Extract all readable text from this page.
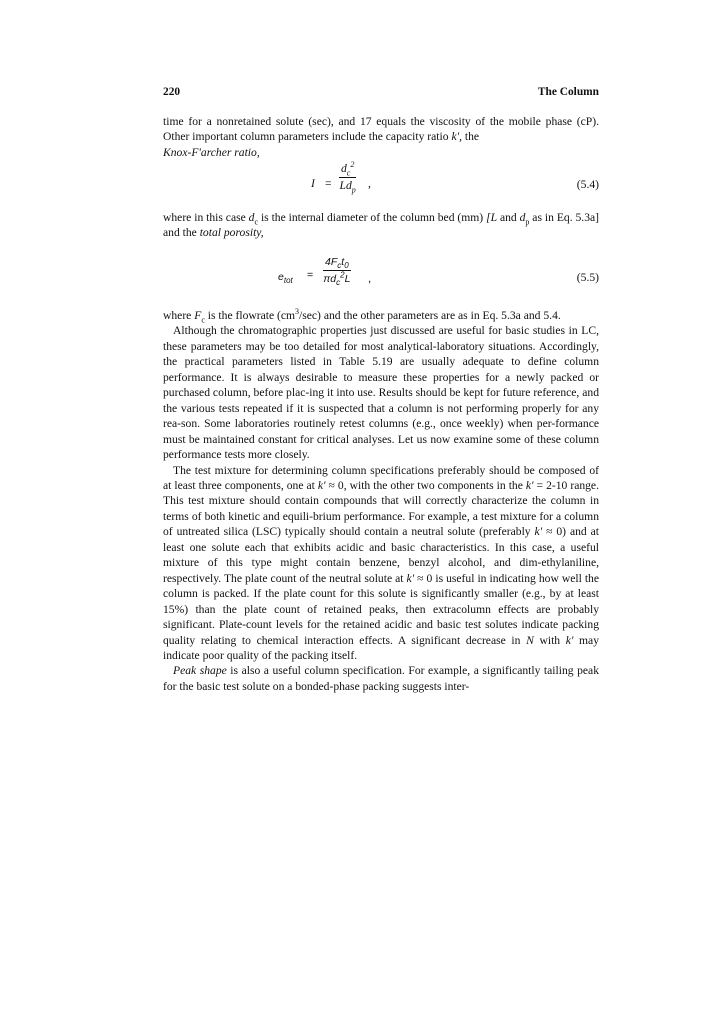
220	The Column

time for a nonretained solute (sec), and 17 equals the viscosity of the mobile phase (cP). Other important column parameters include the capacity ratio k', the

Knox-F'archer ratio,

I =
$d_c^2$
$Ld_p$ ,	(5.4)

where in this case $d_c$ is the internal diameter of the column bed (mm) [L and $d_p$ as in Eq. 5.3a] and the total porosity,

$e_{tot}$ =
$4F_ct_0$
$\pi d_c^2L$ ,	(5.5)

where $F_c$ is the flowrate $(cm^3/\sec)$ and the other parameters are as in Eq. 5.3a and 5.4.

Although the chromatographic properties just discussed are useful for basic studies in LC, these parameters may be too detailed for most analytical-laboratory situations. Accordingly, the practical parameters listed in Table 5.19 are usually adequate to define column performance. It is always desirable to measure these properties for a newly packed or purchased column, before plac-ing it into use. Results should be kept for future reference, and the various tests repeated if it is suspected that a column is not performing properly for any rea-son. Some laboratories routinely retest columns (e.g., once weekly) when per-formance must be maintained constant for critical analyses. Let us now examine some of these column performance tests more closely.

The test mixture for determining column specifications preferably should be composed of at least three components, one at k' ≈ 0, with the other two components in the k' = 2-10 range. This test mixture should contain compounds that will correctly characterize the column in terms of both kinetic and equili-brium performance. For example, a test mixture for a column of untreated silica (LSC) typically should contain a neutral solute (preferably k' ≈ 0) and at least one solute each that exhibits acidic and basic characteristics. In this case, a useful mixture of this type might contain benzene, benzyl alcohol, and dim-ethylaniline, respectively. The plate count of the neutral solute at k' ≈ 0 is useful in indicating how well the column is packed. If the plate count for this solute is significantly smaller (e.g., by at least 15%) than the plate count of retained peaks, then extracolumn effects are probably significant. Plate-count levels for the retained acidic and basic test solutes indicate packing quality relating to chemical interaction effects. A significant decrease in N with k' may indicate poor quality of the packing itself.

Peak shape is also a useful column specification. For example, a significantly tailing peak for the basic test solute on a bonded-phase packing suggests inter-
